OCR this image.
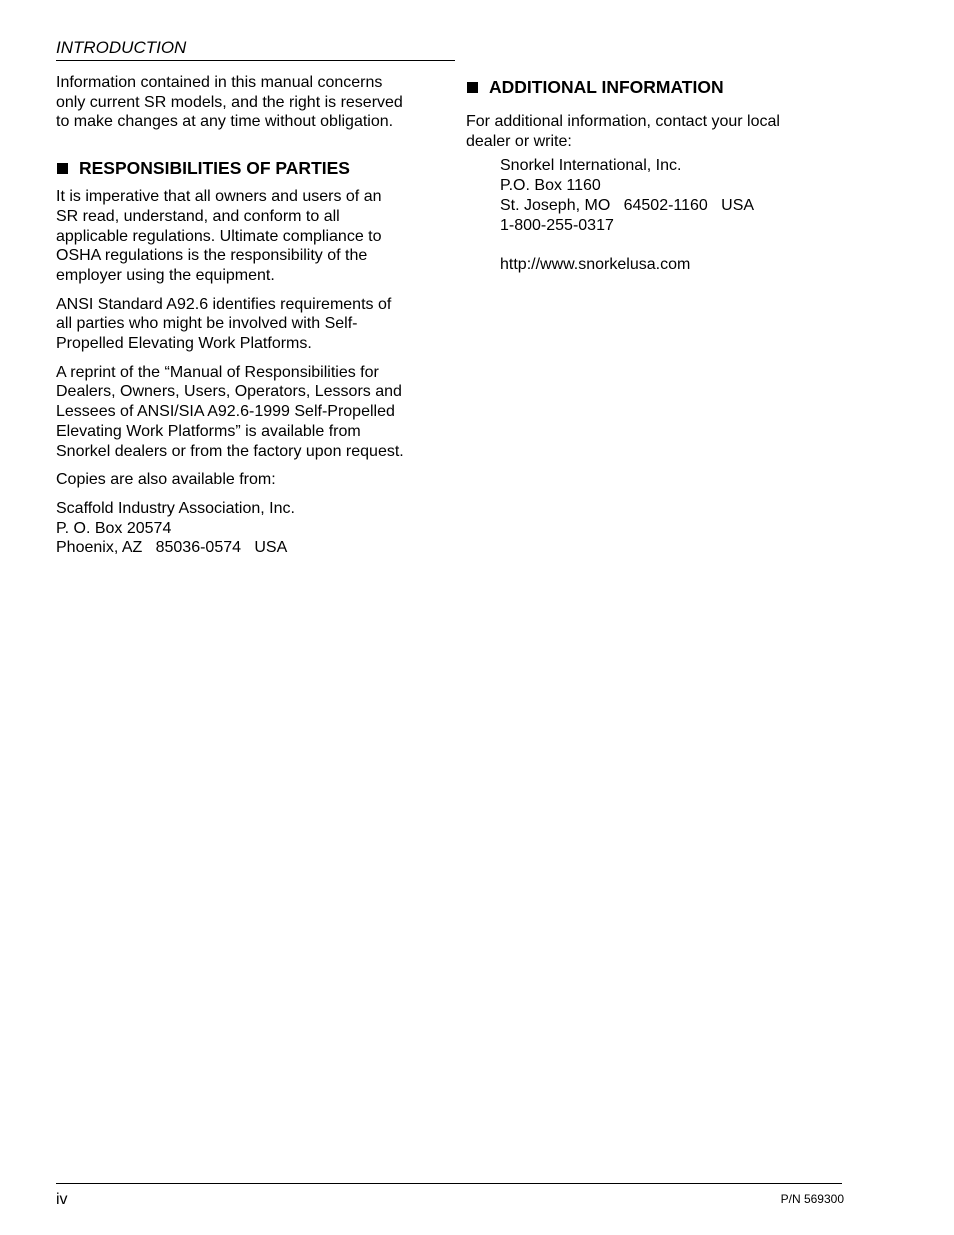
INTRODUCTION

Information contained in this manual concerns
only current SR models, and the right is reserved
to make changes at any time without obligation.

RESPONSIBILITIES OF PARTIES

It is imperative that all owners and users of an
SR read, understand, and conform to all
applicable regulations. Ultimate compliance to
OSHA regulations is the responsibility of the
employer using the equipment.

ANSI Standard A92.6 identifies requirements of
all parties who might be involved with Self-
Propelled Elevating Work Platforms.

A reprint of the “Manual of Responsibilities for
Dealers, Owners, Users, Operators, Lessors and
Lessees of ANSI/SIA A92.6-1999 Self-Propelled
Elevating Work Platforms” is available from
Snorkel dealers or from the factory upon request.

Copies are also available from:

Scaffold Industry Association, Inc.
P. O. Box 20574
Phoenix, AZ   85036-0574   USA
ADDITIONAL INFORMATION

For additional information, contact your local
dealer or write:

Snorkel International, Inc.
P.O. Box 1160
St. Joseph, MO   64502-1160   USA
1-800-255-0317
http://www.snorkelusa.com
iv	P/N 569300
